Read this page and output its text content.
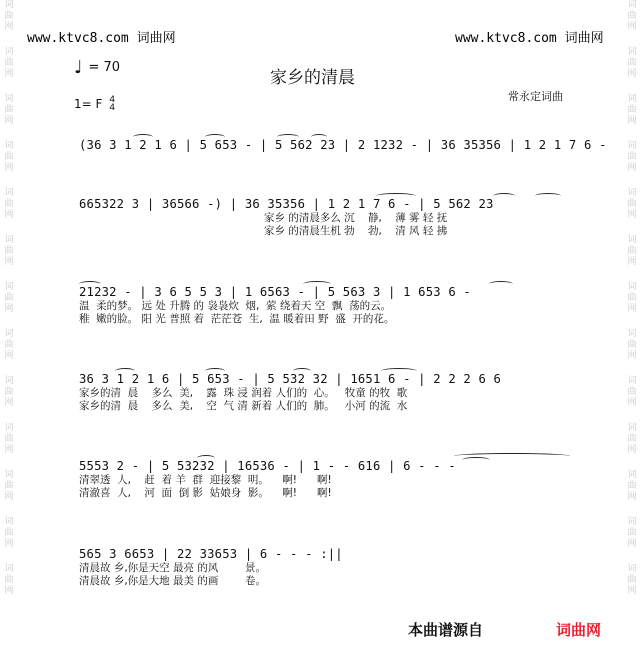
词
曲
网
词
曲
网
词
曲
网
词
曲
网
词
曲
网
词
曲
网
词
曲
网
词
曲
网
词
曲
网
词
曲
网
词
曲
网
词
曲
网
词
曲
网
词
曲
网
词
曲
网
词
曲
网
词
曲
网
词
曲
网
词
曲
网
词
曲
网
词
曲
网
词
曲
网
词
曲
网
词
曲
网
词
曲
网
词
曲
网
www.ktvc8.com 词曲网	www.ktvc8.com 词曲网
♩ = 70
家乡的清晨
常永定词曲
1= F 4
4
(36 3 1 2 1 6 | 5 653 - | 5 562 23 | 2 1232 - | 36 35356 | 1 2 1 7 6 -
665322 3 | 36566 -) | 36 35356 | 1 2 1 7 6 - | 5 562 23
家乡 的清晨多么 沉    静,    薄 雾 轻 抚
家乡 的清晨生机 勃    勃,    清 风 轻 拂
21232 - | 3 6 5 5 3 | 1 6563 - | 5 563 3 | 1 653 6 -
温  柔的梦。 远 处 升腾 的 袅袅炊  烟,  萦 绕着天 空  飘  荡的云。
稚  嫩的脸。 阳 光 普照 着  茫茫苍  生,  温 暖着田 野  盛  开的花。
36 3 1 2 1 6 | 5 653 - | 5 532 32 | 1651 6 - | 2 2 2 6 6
家乡的清  晨    多么  美,    露  珠 浸 润着 人们的  心。   牧童 的牧  歌
家乡的清  晨    多么  美,    空  气 清 新着 人们的  肺。   小河 的流  水
5553 2 - | 5 53232 | 16536 - | 1 - - 616 | 6 - - -
清翠透  人,    赶  着 羊  群  迎接黎  明。    啊!      啊!
清澈喜  人,    河  面  倒 影  姑娘身  影。    啊!      啊!
565 3 6653 | 22 33653 | 6 - - - :||
清晨故 乡,你是天空 最亮 的风        景。
清晨故 乡,你是大地 最美 的画        卷。
本曲谱源自	词曲网
